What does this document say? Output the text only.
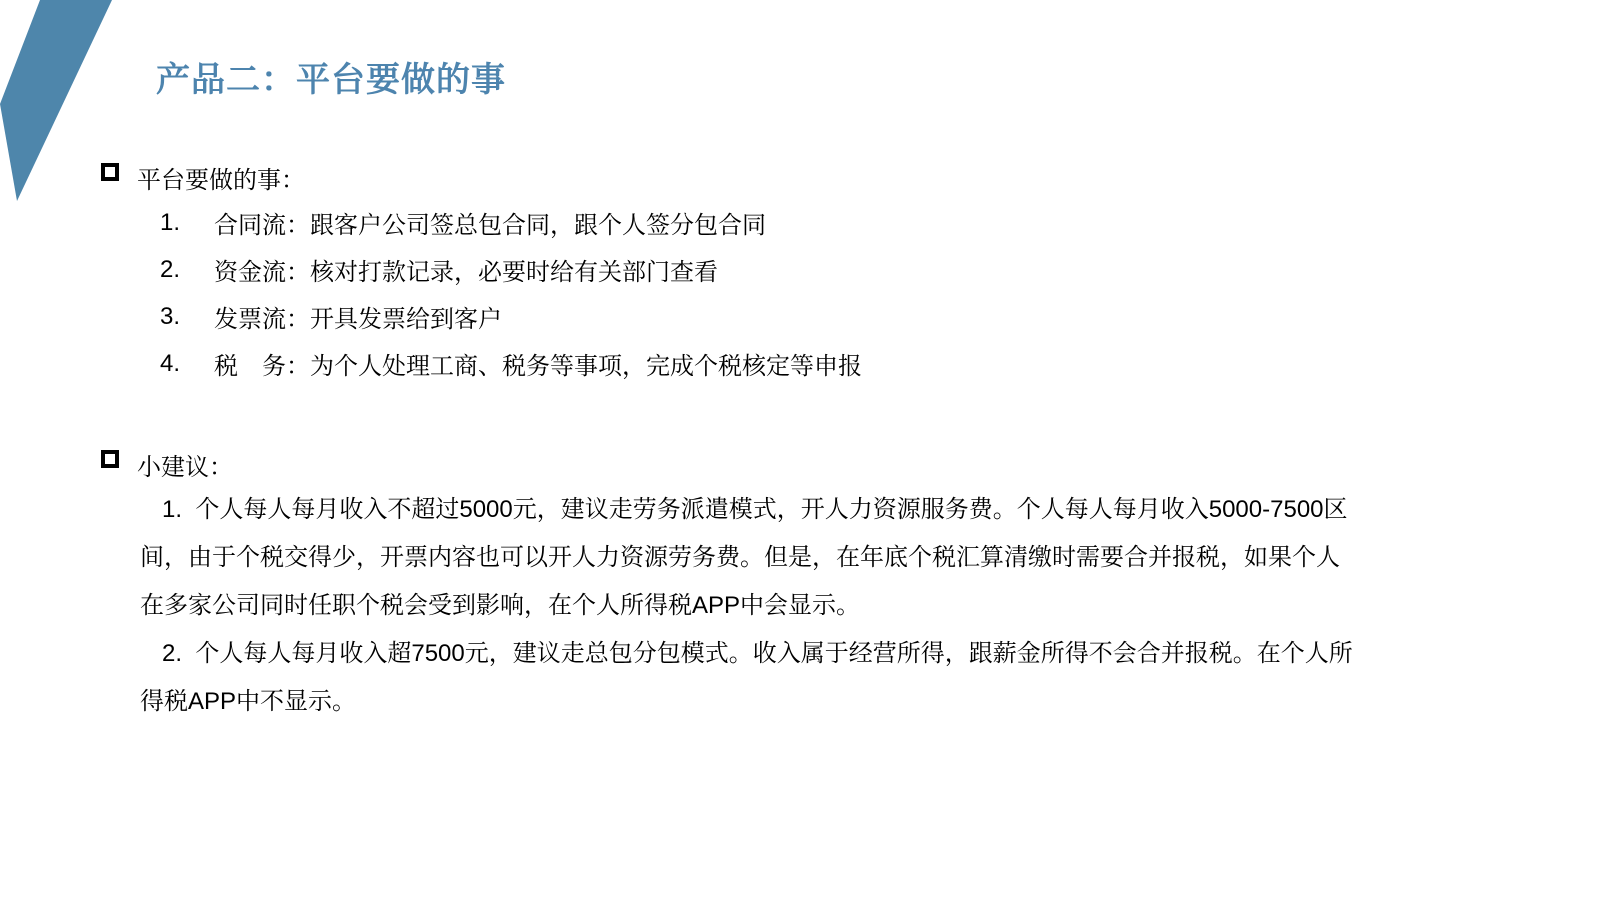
产品二：平台要做的事
平台要做的事：
1.	合同流：跟客户公司签总包合同，跟个人签分包合同
2.	资金流：核对打款记录，必要时给有关部门查看
3.	发票流：开具发票给到客户
4.	税　务：为个人处理工商、税务等事项，完成个税核定等申报
小建议：
1.  个人每人每月收入不超过5000元，建议走劳务派遣模式，开人力资源服务费。个人每人每月收入5000-7500区
间，由于个税交得少，开票内容也可以开人力资源劳务费。但是，在年底个税汇算清缴时需要合并报税，如果个人
在多家公司同时任职个税会受到影响，在个人所得税APP中会显示。
2.  个人每人每月收入超7500元，建议走总包分包模式。收入属于经营所得，跟薪金所得不会合并报税。在个人所
得税APP中不显示。
